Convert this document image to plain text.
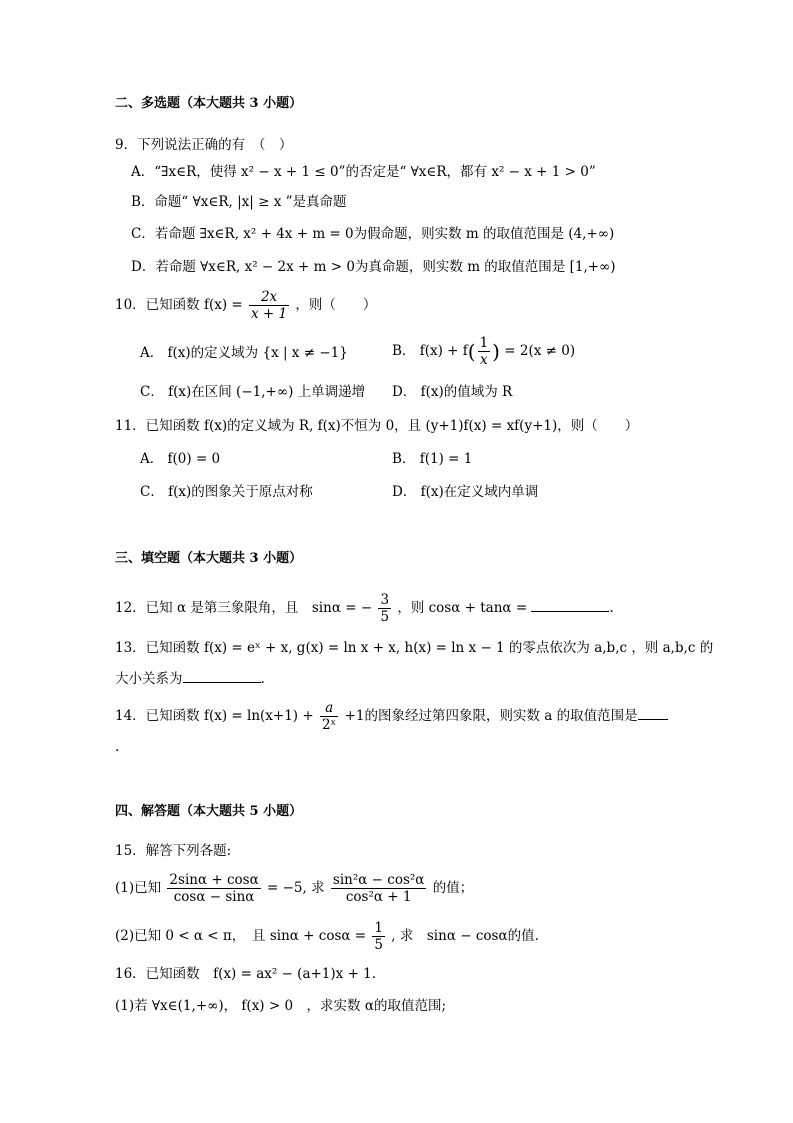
二、多选题（本大题共 3 小题）
9．下列说法正确的有　（　）
A．“∃x∈R，使得 x² − x + 1 ≤ 0”的否定是“ ∀x∈R，都有 x² − x + 1 > 0”
B．命题“ ∀x∈R, |x| ≥ x ”是真命题
C．若命题 ∃x∈R, x² + 4x + m = 0为假命题，则实数 m 的取值范围是 (4,+∞)
D．若命题 ∀x∈R, x² − 2x + m > 0为真命题，则实数 m 的取值范围是 [1,+∞)
10．已知函数 $f(x) = \frac{2x}{x + 1}$ ，则（　　）
A． f(x)的定义域为 {x | x ≠ −1}	B． $f(x) + f( \frac{1}{x}$ ) = 2(x ≠ 0)
C． f(x)在区间 (−1,+∞) 上单调递增 D． f(x)的值域为 R
11．已知函数 f(x)的定义域为 R, f(x)不恒为 0，且 (y+1)f(x) = xf(y+1)，则（　　）
A． f(0) = 0	B． f(1) = 1
C． f(x)的图象关于原点对称	D． f(x)在定义域内单调
三、填空题（本大题共 3 小题）
12．已知 α 是第三象限角，且　sinα = − $\frac{3}{5}$ ，则 cosα + tanα =	.
13．已知函数 f(x) = eˣ + x, g(x) = ln x + x, h(x) = ln x − 1 的零点依次为 a,b,c ，则 a,b,c 的
大小关系为	.
14．已知函数 $f(x) = \ln(x+1) + \frac{a}{\text{2ˣ}} +1$的图象经过第四象限，则实数 a 的取值范围是
.
四、解答题（本大题共 5 小题）
15．解答下列各题:
(1)已知 $\frac{2\sin\alpha + \cos\alpha}{\cos\alpha - \sin\alpha} = -5$, 求 $\frac{\text{sin²α − cos²α}}{\text{cos²α + 1}}$ 的值；
(2)已知 0 < α < π，　且 $\sin\alpha + \cos\alpha = \frac{1}{5}$ , 求　sinα − cosα的值.
16．已知函数　f(x) = ax² − (a+1)x + 1.
(1)若 ∀x∈(1,+∞)， f(x) > 0　，求实数 α的取值范围;
